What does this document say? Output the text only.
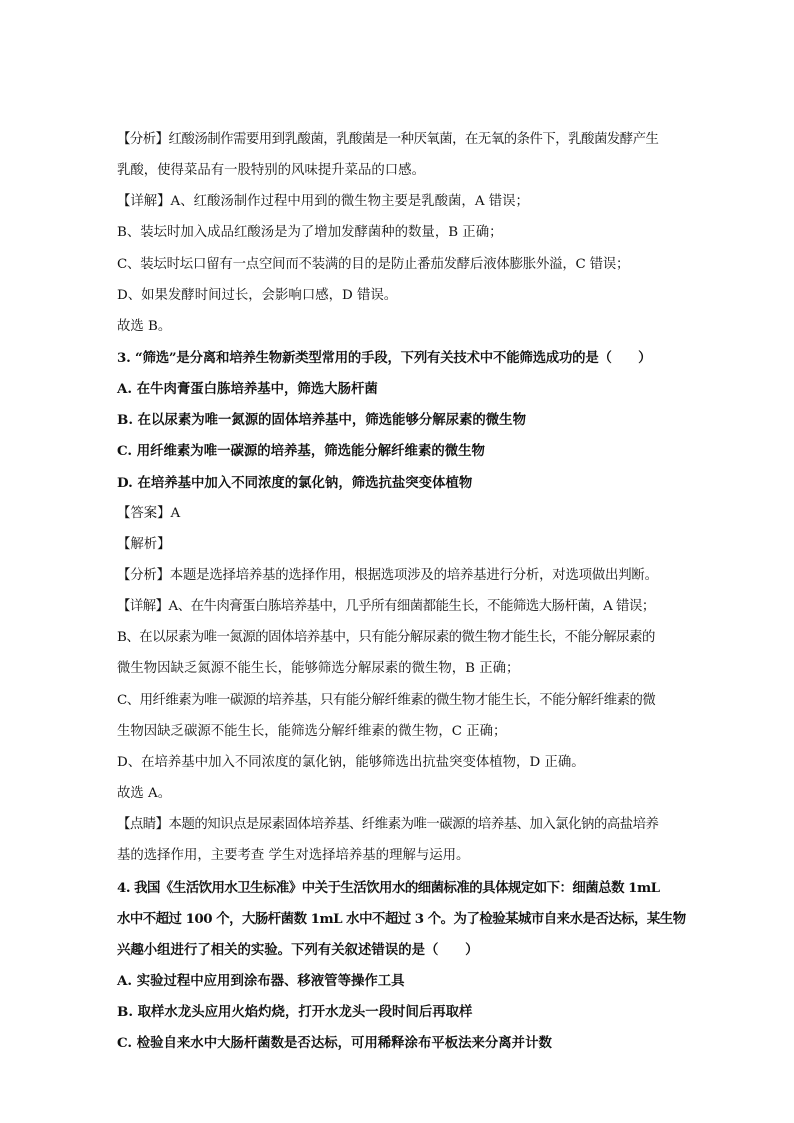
【分析】红酸汤制作需要用到乳酸菌，乳酸菌是一种厌氧菌，在无氧的条件下，乳酸菌发酵产生
乳酸，使得菜品有一股特别的风味提升菜品的口感。
【详解】A、红酸汤制作过程中用到的微生物主要是乳酸菌，A 错误；
B、装坛时加入成品红酸汤是为了增加发酵菌种的数量，B 正确；
C、装坛时坛口留有一点空间而不装满的目的是防止番茄发酵后液体膨胀外溢，C 错误；
D、如果发酵时间过长，会影响口感，D 错误。
故选 B。
3. “筛选”是分离和培养生物新类型常用的手段，下列有关技术中不能筛选成功的是（　　）
A. 在牛肉膏蛋白胨培养基中，筛选大肠杆菌
B. 在以尿素为唯一氮源的固体培养基中，筛选能够分解尿素的微生物
C. 用纤维素为唯一碳源的培养基，筛选能分解纤维素的微生物
D. 在培养基中加入不同浓度的氯化钠，筛选抗盐突变体植物
【答案】A
【解析】
【分析】本题是选择培养基的选择作用，根据选项涉及的培养基进行分析，对选项做出判断。
【详解】A、在牛肉膏蛋白胨培养基中，几乎所有细菌都能生长，不能筛选大肠杆菌，A 错误；
B、在以尿素为唯一氮源的固体培养基中，只有能分解尿素的微生物才能生长，不能分解尿素的
微生物因缺乏氮源不能生长，能够筛选分解尿素的微生物，B 正确；
C、用纤维素为唯一碳源的培养基，只有能分解纤维素的微生物才能生长，不能分解纤维素的微
生物因缺乏碳源不能生长，能筛选分解纤维素的微生物，C 正确；
D、在培养基中加入不同浓度的氯化钠，能够筛选出抗盐突变体植物，D 正确。
故选 A。
【点睛】本题的知识点是尿素固体培养基、纤维素为唯一碳源的培养基、加入氯化钠的高盐培养
基的选择作用，主要考查 学生对选择培养基的理解与运用。
4. 我国《生活饮用水卫生标准》中关于生活饮用水的细菌标准的具体规定如下：细菌总数 1mL
水中不超过 100 个，大肠杆菌数 1mL 水中不超过 3 个。为了检验某城市自来水是否达标，某生物
兴趣小组进行了相关的实验。下列有关叙述错误的是（　　）
A. 实验过程中应用到涂布器、移液管等操作工具
B. 取样水龙头应用火焰灼烧，打开水龙头一段时间后再取样
C. 检验自来水中大肠杆菌数是否达标，可用稀释涂布平板法来分离并计数
